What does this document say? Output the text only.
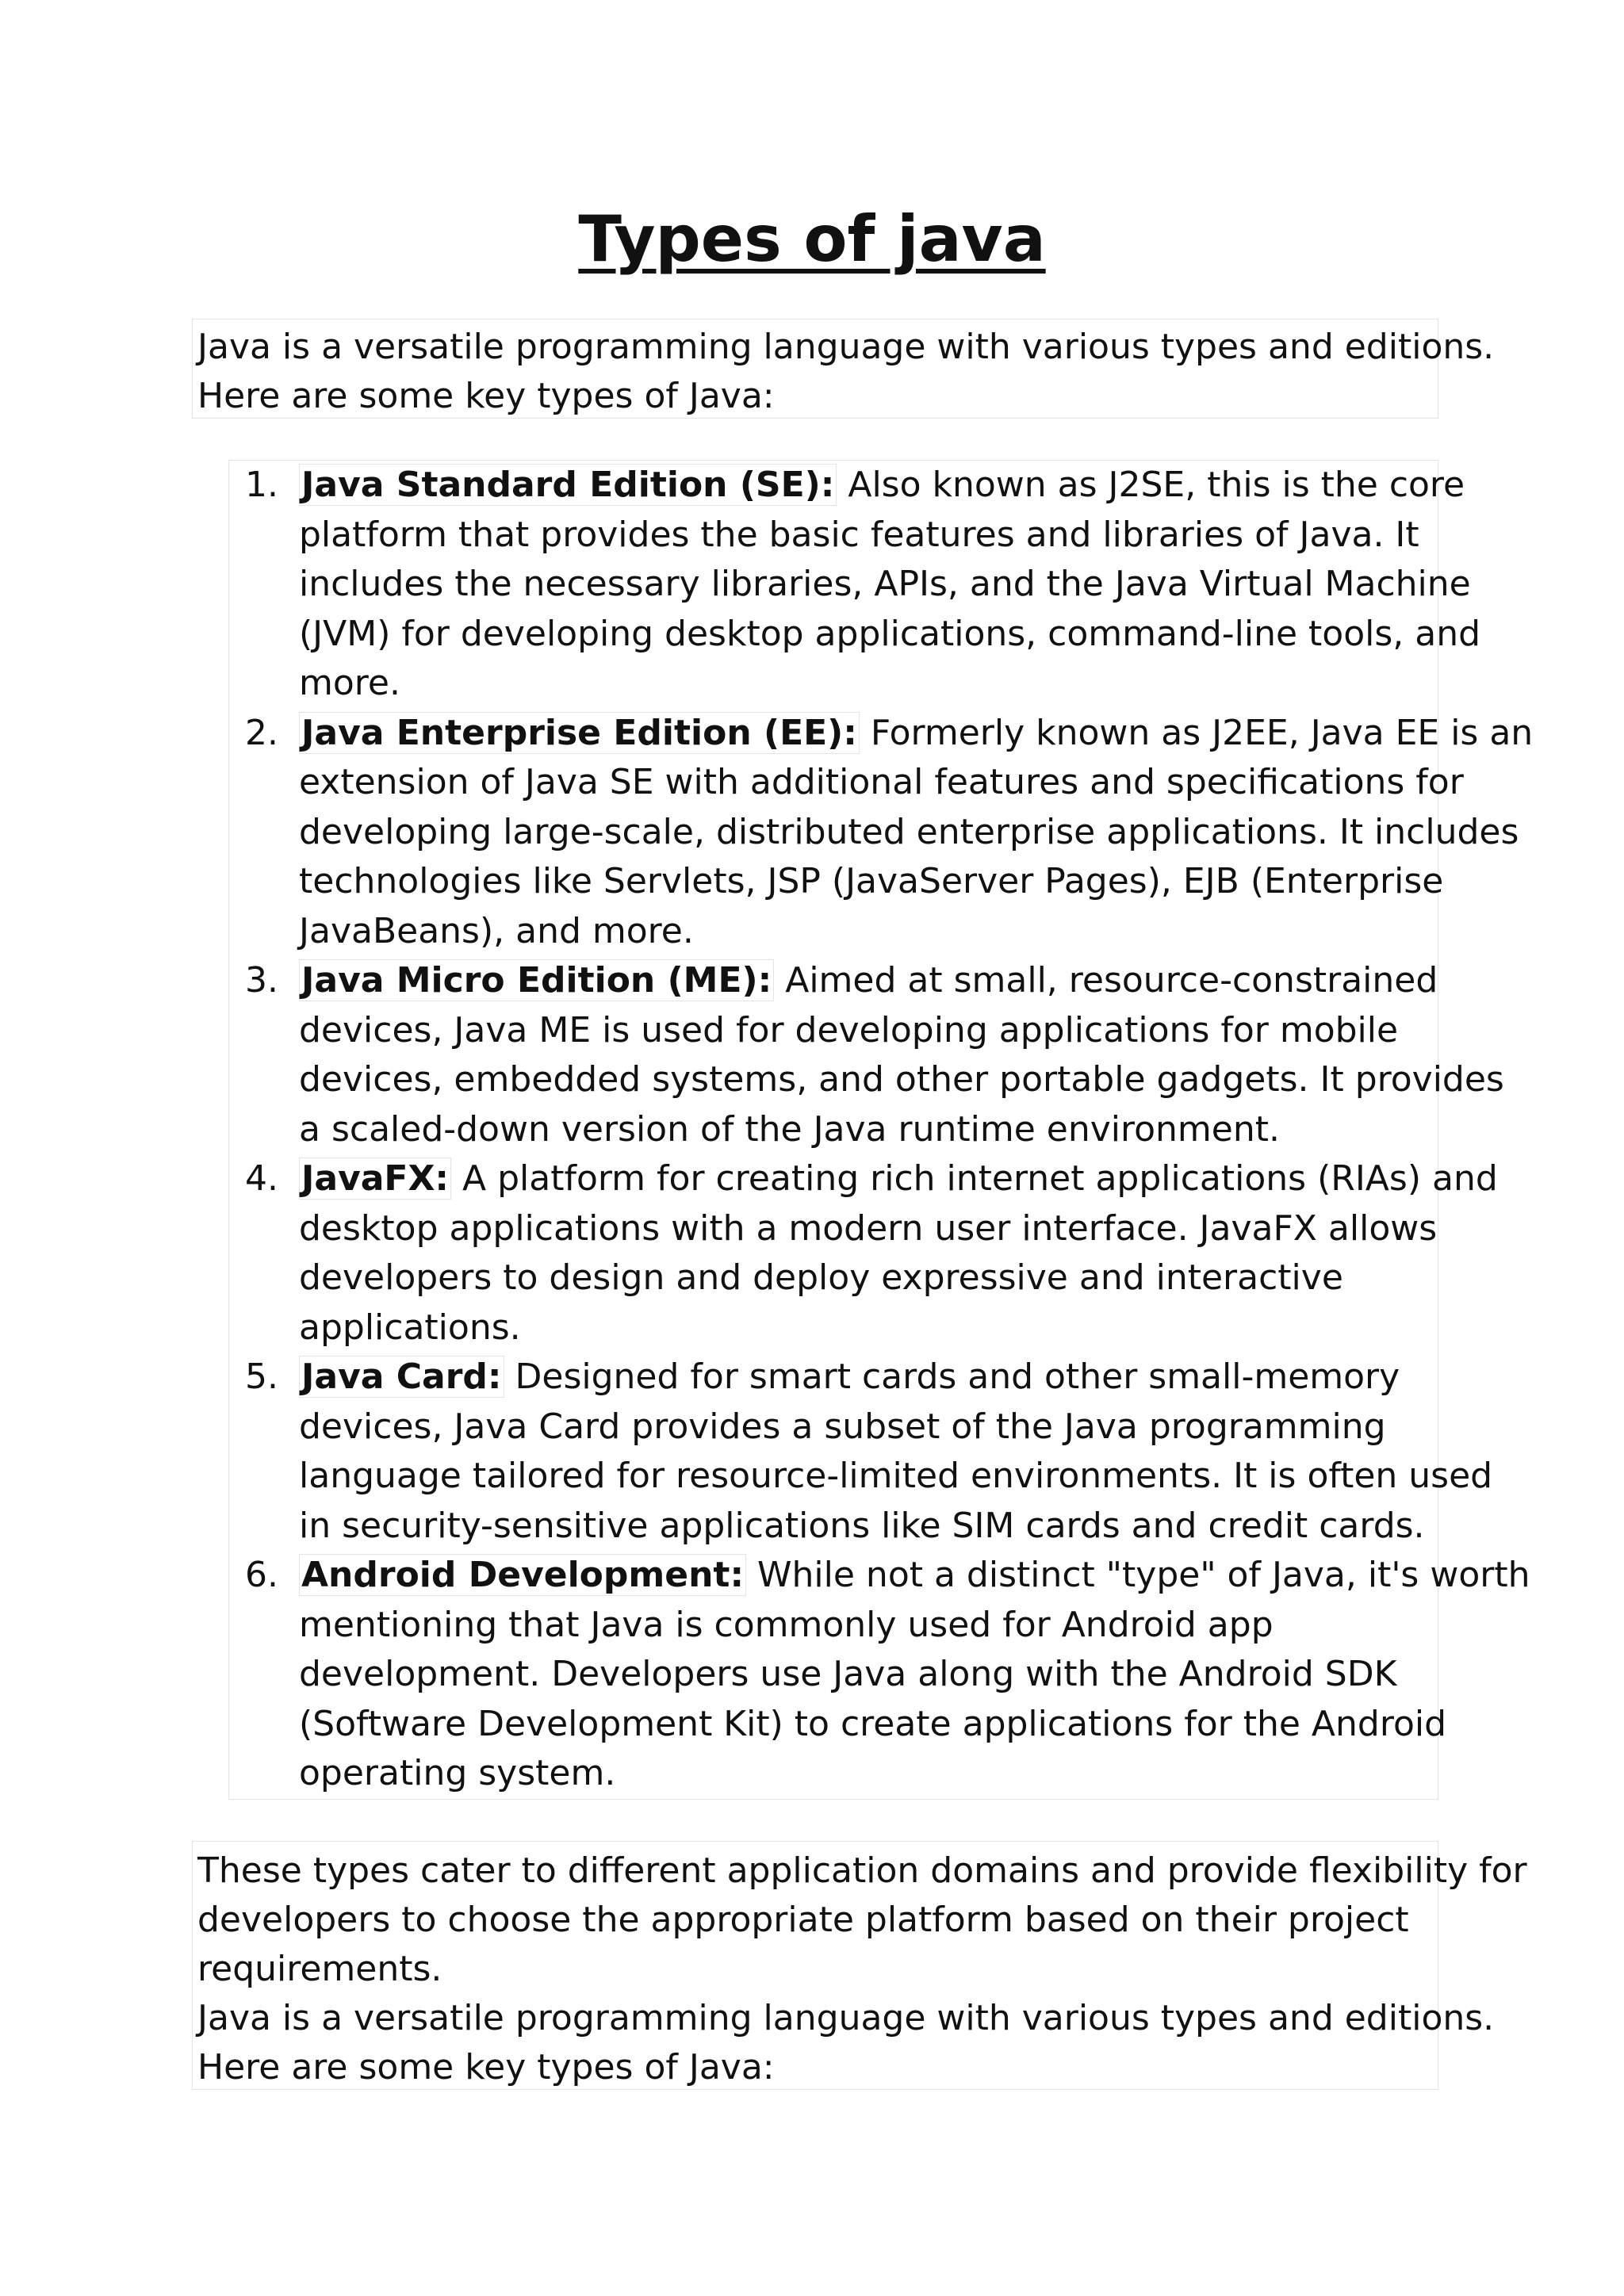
Types of java

Java is a versatile programming language with various types and editions.

Here are some key types of Java:

1. Java Standard Edition (SE): Also known as J2SE, this is the core
platform that provides the basic features and libraries of Java. It
includes the necessary libraries, APIs, and the Java Virtual Machine
(JVM) for developing desktop applications, command-line tools, and
more.
2. Java Enterprise Edition (EE): Formerly known as J2EE, Java EE is an
extension of Java SE with additional features and specifications for
developing large-scale, distributed enterprise applications. It includes
technologies like Servlets, JSP (JavaServer Pages), EJB (Enterprise
JavaBeans), and more.
3. Java Micro Edition (ME): Aimed at small, resource-constrained
devices, Java ME is used for developing applications for mobile
devices, embedded systems, and other portable gadgets. It provides
a scaled-down version of the Java runtime environment.
4. JavaFX: A platform for creating rich internet applications (RIAs) and
desktop applications with a modern user interface. JavaFX allows
developers to design and deploy expressive and interactive
applications.
5. Java Card: Designed for smart cards and other small-memory
devices, Java Card provides a subset of the Java programming
language tailored for resource-limited environments. It is often used
in security-sensitive applications like SIM cards and credit cards.
6. Android Development: While not a distinct "type" of Java, it's worth
mentioning that Java is commonly used for Android app
development. Developers use Java along with the Android SDK
(Software Development Kit) to create applications for the Android
operating system.

These types cater to different application domains and provide flexibility for

developers to choose the appropriate platform based on their project

requirements.

Java is a versatile programming language with various types and editions.

Here are some key types of Java:
